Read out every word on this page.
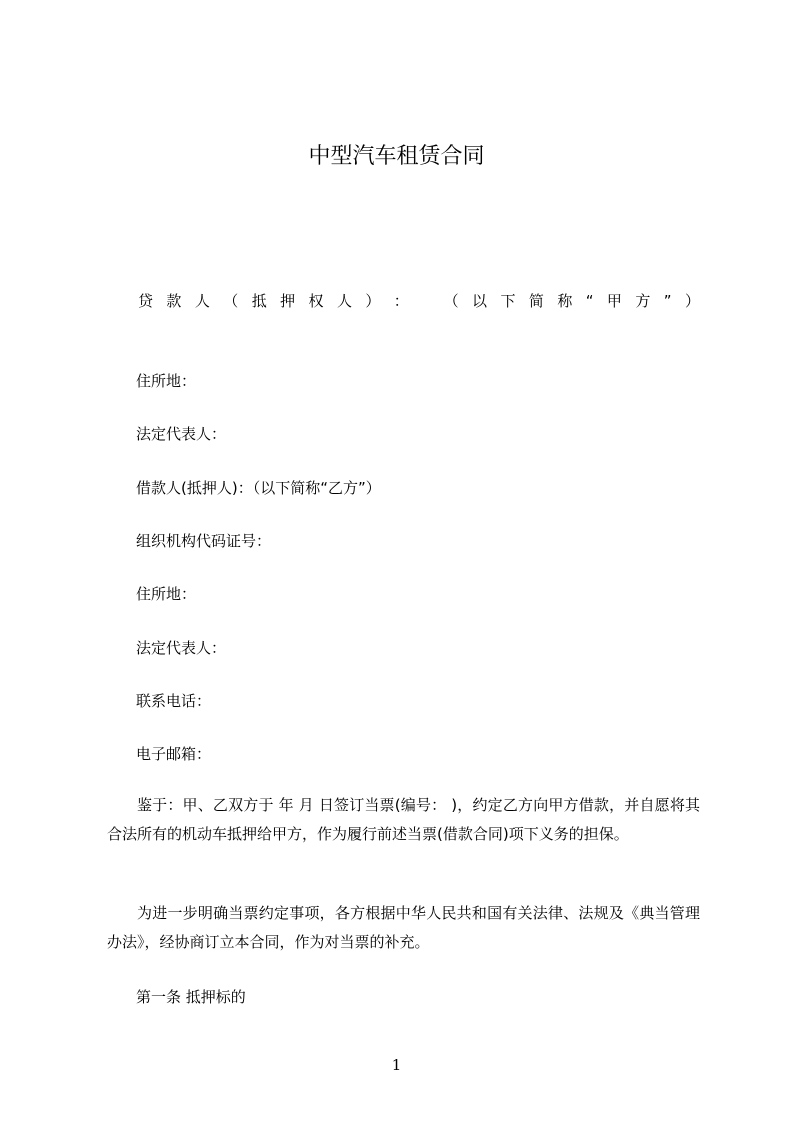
中型汽车租赁合同
贷 款 人 （ 抵 押 权 人 ） ： （ 以 下 简 称 “ 甲 方 ” ）
住所地：
法定代表人：
借款人(抵押人)：（以下简称“乙方”）
组织机构代码证号：
住所地：
法定代表人：
联系电话：
电子邮箱：
鉴于：甲、乙双方于 年 月 日签订当票(编号： )，约定乙方向甲方借款，并自愿将其合法所有的机动车抵押给甲方，作为履行前述当票(借款合同)项下义务的担保。
为进一步明确当票约定事项，各方根据中华人民共和国有关法律、法规及《典当管理办法》，经协商订立本合同，作为对当票的补充。
第一条 抵押标的
1
